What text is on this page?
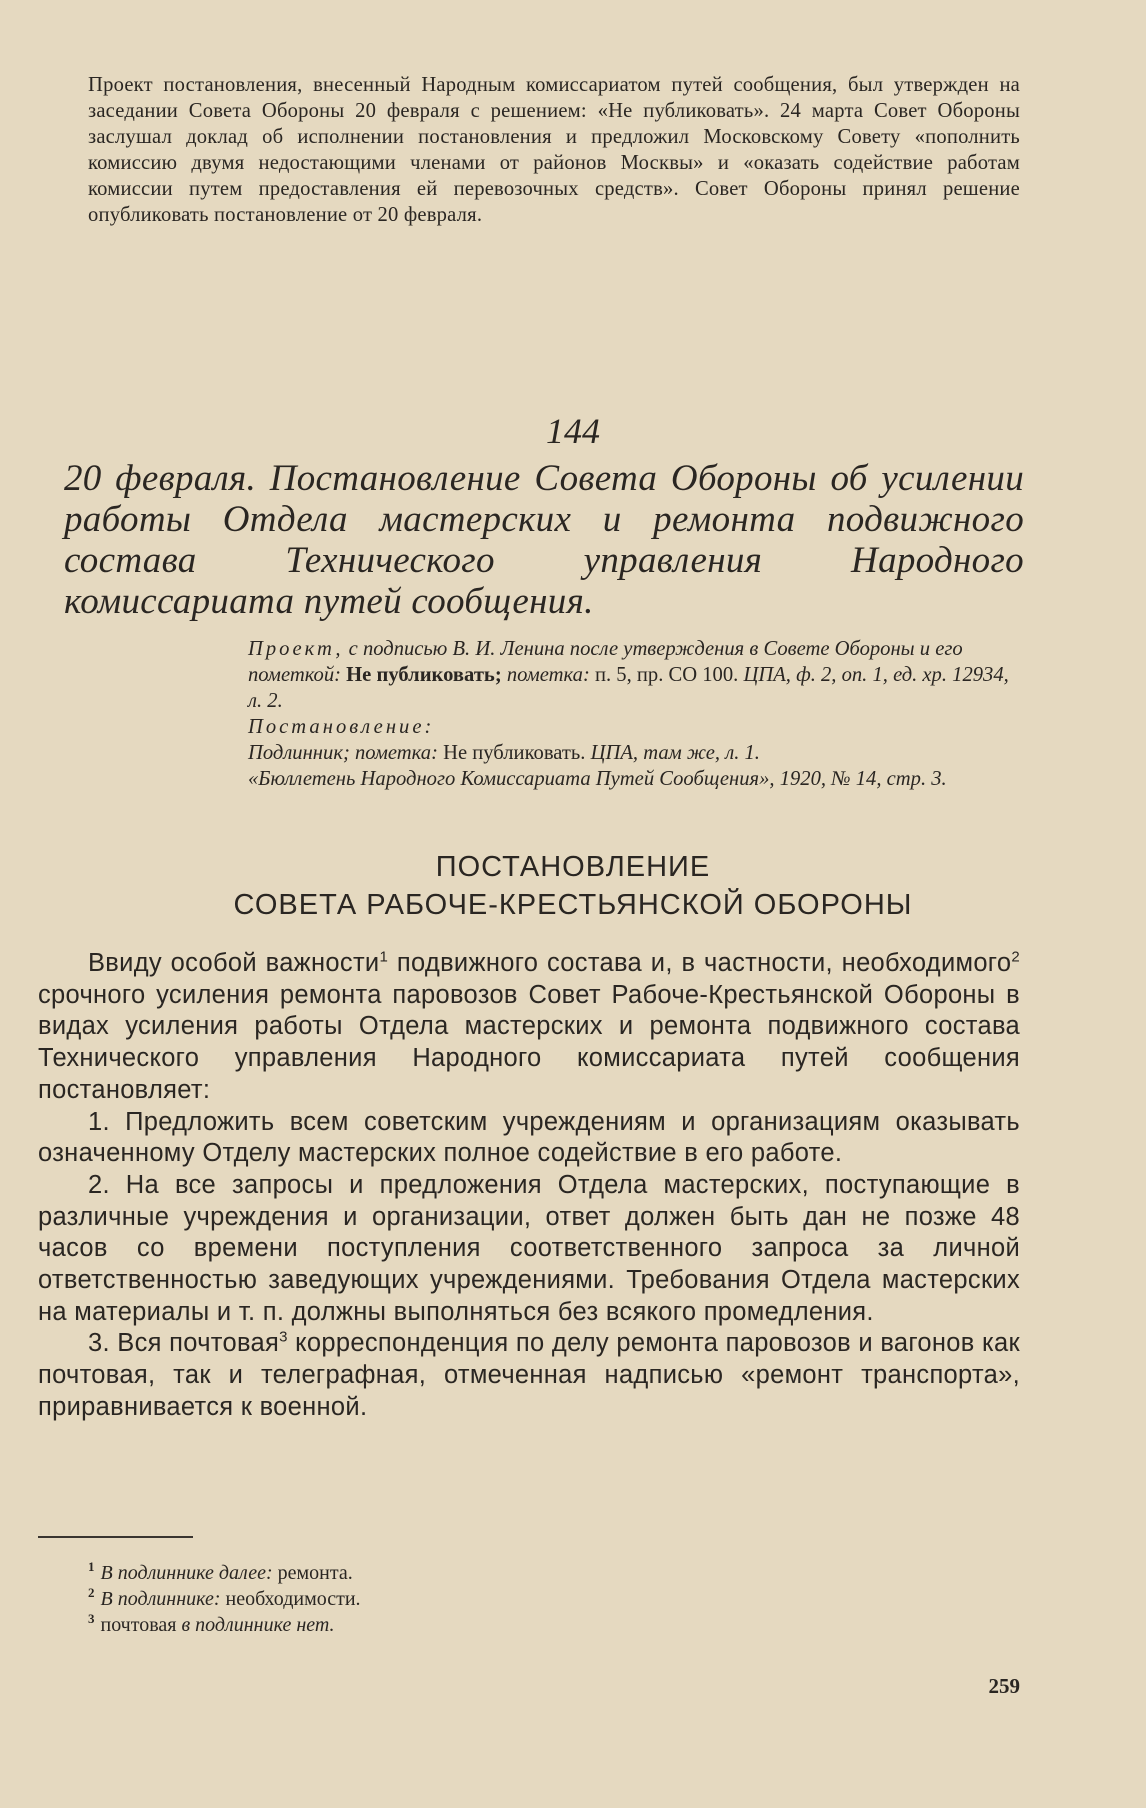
Проект постановления, внесенный Народным комиссариатом путей сообщения, был утвержден на заседании Совета Обороны 20 февраля с решением: «Не публиковать». 24 марта Совет Обороны заслушал доклад об исполнении постановления и предложил Московскому Совету «пополнить комиссию двумя недостающими членами от районов Москвы» и «оказать содействие работам комиссии путем предоставления ей перевозочных средств». Совет Обороны принял решение опубликовать постановление от 20 февраля.

144
20 февраля. Постановление Совета Обороны об усилении работы Отдела мастерских и ремонта подвижного состава Технического управления Народного комиссариата путей сообщения.
Проект, с подписью В. И. Ленина после утверждения в Совете Обороны и его пометкой: Не публиковать; пометка: п. 5, пр. СО 100. ЦПА, ф. 2, оп. 1, ед. хр. 12934, л. 2.
Постановление:
Подлинник; пометка: Не публиковать. ЦПА, там же, л. 1.
«Бюллетень Народного Комиссариата Путей Сообщения», 1920, № 14, стр. 3.
ПОСТАНОВЛЕНИЕ
СОВЕТА РАБОЧЕ-КРЕСТЬЯНСКОЙ ОБОРОНЫ

Ввиду особой важности$^1$ подвижного состава и, в частности, необходимого$^2$ срочного усиления ремонта паровозов Совет Рабоче-Крестьянской Обороны в видах усиления работы Отдела мастерских и ремонта подвижного состава Технического управления Народного комиссариата путей сообщения постановляет:

1. Предложить всем советским учреждениям и организациям оказывать означенному Отделу мастерских полное содействие в его работе.

2. На все запросы и предложения Отдела мастерских, поступающие в различные учреждения и организации, ответ должен быть дан не позже 48 часов со времени поступления соответственного запроса за личной ответственностью заведующих учреждениями. Требования Отдела мастерских на материалы и т. п. должны выполняться без всякого промедления.

3. Вся почтовая$^3$ корреспонденция по делу ремонта паровозов и вагонов как почтовая, так и телеграфная, отмеченная надписью «ремонт транспорта», приравнивается к военной.

$^1$ В подлиннике далее: ремонта.
$^2$ В подлиннике: необходимости.
$^3$ почтовая в подлиннике нет.
259
